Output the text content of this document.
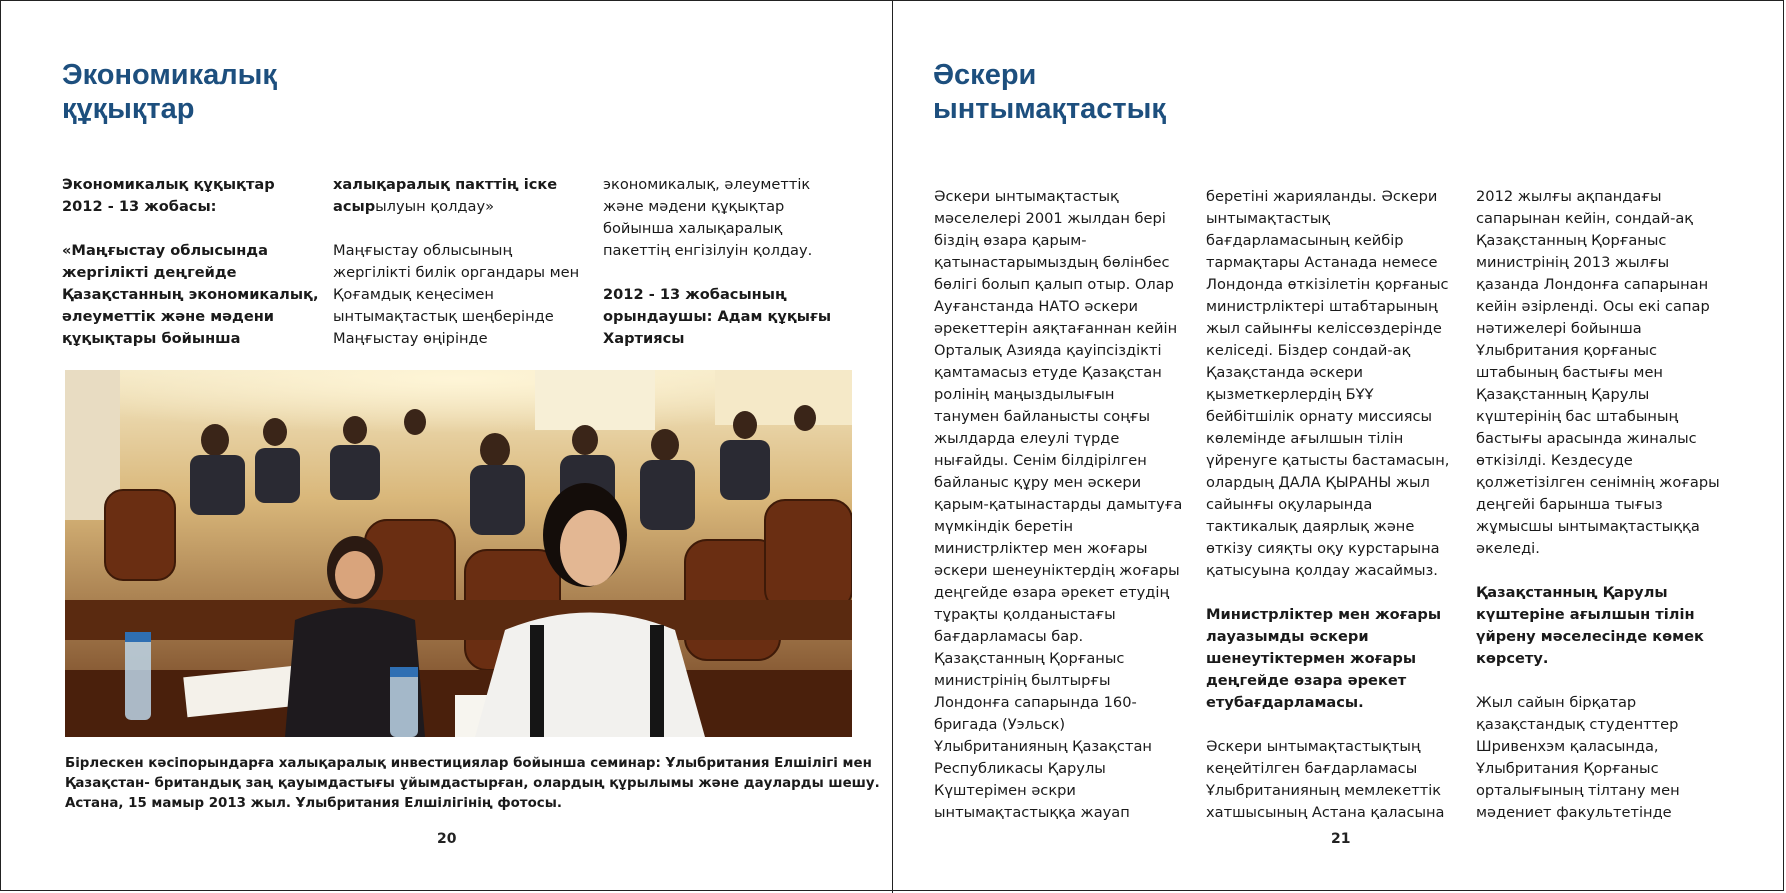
Экономикалық
құқықтар

Экономикалық құқықтар
2012 - 13 жобасы:

«Маңғыстау облысында
жергілікті деңгейде
Қазақстанның экономикалық,
әлеуметтік және мәдени
құқықтары бойынша

халықаралық пакттің іске
асырылуын қолдау»

Маңғыстау облысының
жергілікті билік органдары мен
Қоғамдық кеңесімен
ынтымақтастық шеңберінде
Маңғыстау өңірінде

экономикалық, әлеуметтік
және мәдени құқықтар
бойынша халықаралық
пакеттің енгізілуін қолдау.

2012 - 13 жобасының
орындаушы: Адам құқығы
Хартиясы

Бірлескен кәсіпорындарға халықаралық инвестициялар бойынша семинар: Ұлыбритания Елшілігі мен
Қазақстан- британдық заң қауымдастығы ұйымдастырған, олардың құрылымы және дауларды шешу.
Астана, 15 мамыр 2013 жыл. Ұлыбритания Елшілігінің фотосы.
20
Әскери
ынтымақтастық

Әскери ынтымақтастық
мәселелері 2001 жылдан бері
біздің өзара қарым-
қатынастарымыздың бөлінбес
бөлігі болып қалып отыр. Олар
Ауғанстанда НАТО әскери
әрекеттерін аяқтағаннан кейін
Орталық Азияда қауіпсіздікті
қамтамасыз етуде Қазақстан
ролінің маңыздылығын
танумен байланысты соңғы
жылдарда елеулі түрде
нығайды. Сенім білдірілген
байланыс құру мен әскери
қарым-қатынастарды дамытуға
мүмкіндік беретін
министрліктер мен жоғары
әскери шенеуніктердің жоғары
деңгейде өзара әрекет етудің
тұрақты қолданыстағы
бағдарламасы бар.
Қазақстанның Қорғаныс
министрінің былтырғы
Лондонға сапарында 160-
бригада (Уэльск)
Ұлыбританияның Қазақстан
Республикасы Қарулы
Күштерімен әскри
ынтымақтастыққа жауап

беретіні жарияланды. Әскери
ынтымақтастық
бағдарламасының кейбір
тармақтары Астанада немесе
Лондонда өткізілетін қорғаныс
министрліктері штабтарының
жыл сайынғы келіссөздерінде
келіседі. Біздер сондай-ақ
Қазақстанда әскери
қызметкерлердің БҰҰ
бейбітшілік орнату миссиясы
көлемінде ағылшын тілін
үйренуге қатысты бастамасын,
олардың ДАЛА ҚЫРАНЫ жыл
сайынғы оқуларында
тактикалық даярлық және
өткізу сияқты оқу курстарына
қатысуына қолдау жасаймыз.

Министрліктер мен жоғары
лауазымды әскери
шенеутіктермен жоғары
деңгейде өзара әрекет
етубағдарламасы.

Әскери ынтымақтастықтың
кеңейтілген бағдарламасы
Ұлыбританияның мемлекеттік
хатшысының Астана қаласына

2012 жылғы ақпандағы
сапарынан кейін, сондай-ақ
Қазақстанның Қорғаныс
министрінің 2013 жылғы
қазанда Лондонға сапарынан
кейін әзірленді. Осы екі сапар
нәтижелері бойынша
Ұлыбритания қорғаныс
штабының бастығы мен
Қазақстанның Қарулы
күштерінің бас штабының
бастығы арасында жиналыс
өткізілді. Кездесуде
қолжетізілген сенімнің жоғары
деңгейі барынша тығыз
жұмысшы ынтымақтастыққа
әкеледі.

Қазақстанның Қарулы
күштеріне ағылшын тілін
үйрену мәселесінде көмек
көрсету.

Жыл сайын бірқатар
қазақстандық студенттер
Шривенхэм қаласында,
Ұлыбритания Қорғаныс
орталығының тілтану мен
мәдениет факультетінде

21
